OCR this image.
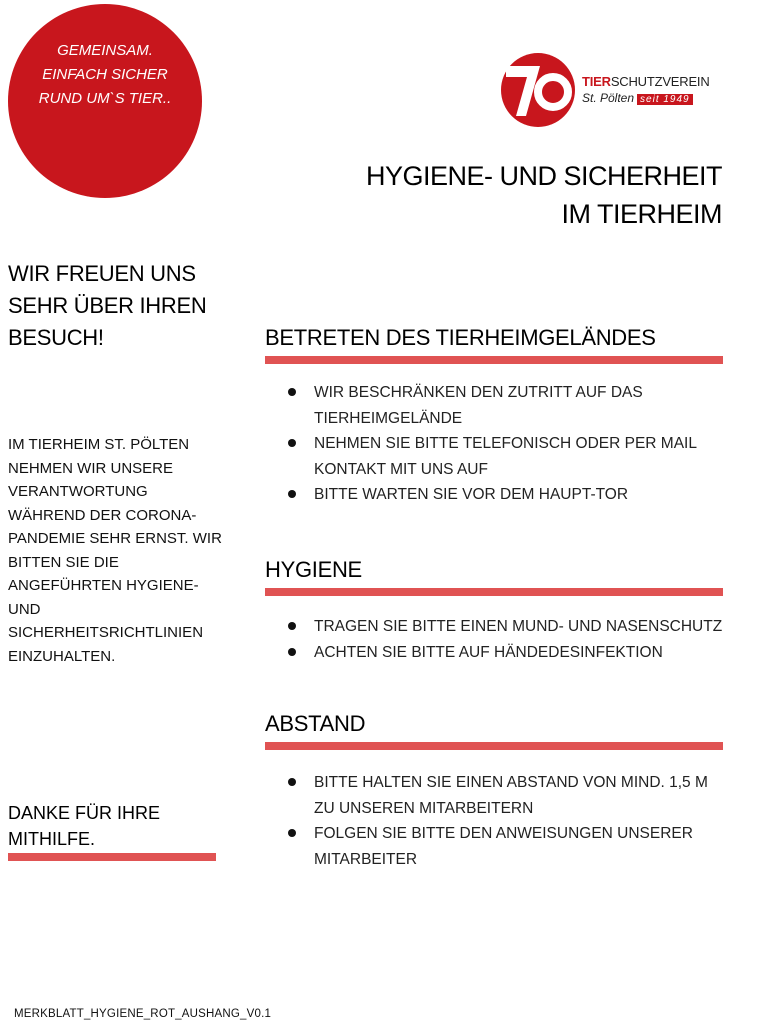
GEMEINSAM.
EINFACH SICHER
RUND UM`S TIER..
TIERSCHUTZVEREIN
St. Pölten seit 1949
HYGIENE- UND SICHERHEIT
IM TIERHEIM
WIR FREUEN UNS SEHR ÜBER IHREN BESUCH!
IM TIERHEIM ST. PÖLTEN NEHMEN WIR UNSERE VERANTWORTUNG WÄHREND DER CORONA-PANDEMIE SEHR ERNST. WIR BITTEN SIE DIE ANGEFÜHRTEN HYGIENE- UND SICHERHEITSRICHTLINIEN EINZUHALTEN.
DANKE FÜR IHRE MITHILFE.
BETRETEN DES TIERHEIMGELÄNDES
WIR BESCHRÄNKEN DEN ZUTRITT AUF DAS TIERHEIMGELÄNDE
NEHMEN SIE BITTE TELEFONISCH ODER PER MAIL KONTAKT MIT UNS AUF
BITTE WARTEN SIE VOR DEM HAUPT-TOR
HYGIENE
TRAGEN SIE BITTE EINEN MUND- UND NASENSCHUTZ
ACHTEN SIE BITTE AUF HÄNDEDESINFEKTION
ABSTAND
BITTE HALTEN SIE EINEN ABSTAND VON MIND. 1,5 M ZU UNSEREN MITARBEITERN
FOLGEN SIE BITTE DEN ANWEISUNGEN UNSERER MITARBEITER
MERKBLATT_HYGIENE_ROT_AUSHANG_V0.1
